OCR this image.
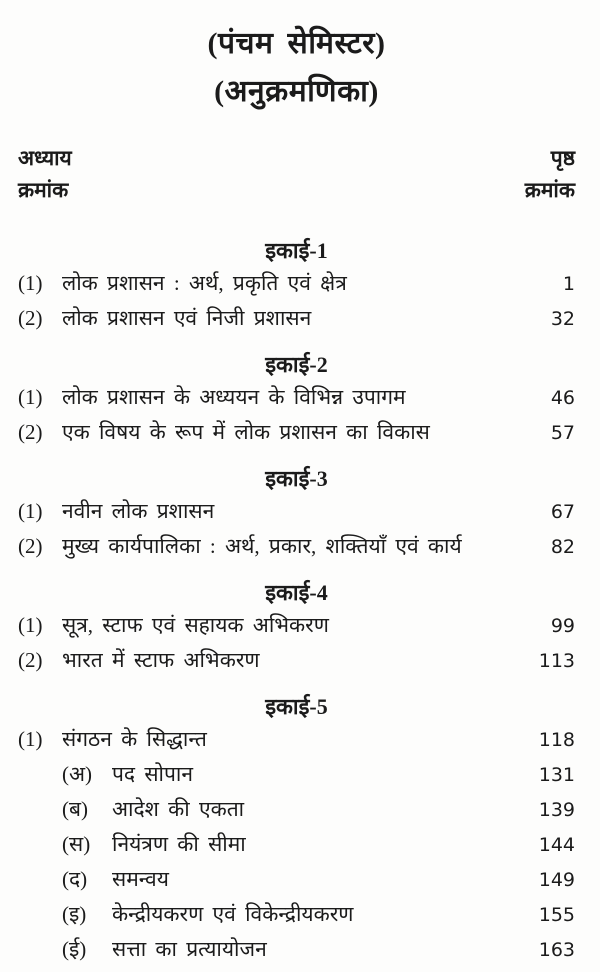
(पंचम सेमिस्टर)
(अनुक्रमणिका)
अध्याय
क्रमांक
पृष्ठ
क्रमांक
इकाई-1
(1) लोक प्रशासन : अर्थ, प्रकृति एवं क्षेत्र	1
(2) लोक प्रशासन एवं निजी प्रशासन	32
इकाई-2
(1) लोक प्रशासन के अध्ययन के विभिन्न उपागम	46
(2) एक विषय के रूप में लोक प्रशासन का विकास	57
इकाई-3
(1) नवीन लोक प्रशासन	67
(2) मुख्य कार्यपालिका : अर्थ, प्रकार, शक्तियाँ एवं कार्य	82
इकाई-4
(1) सूत्र, स्टाफ एवं सहायक अभिकरण	99
(2) भारत में स्टाफ अभिकरण	113
इकाई-5
(1) संगठन के सिद्धान्त	118
(अ) पद सोपान	131
(ब)	आदेश की एकता	139
(स)	नियंत्रण की सीमा	144
(द)	समन्वय	149
(इ)	केन्द्रीयकरण एवं विकेन्द्रीयकरण	155
(ई)	सत्ता का प्रत्यायोजन	163
